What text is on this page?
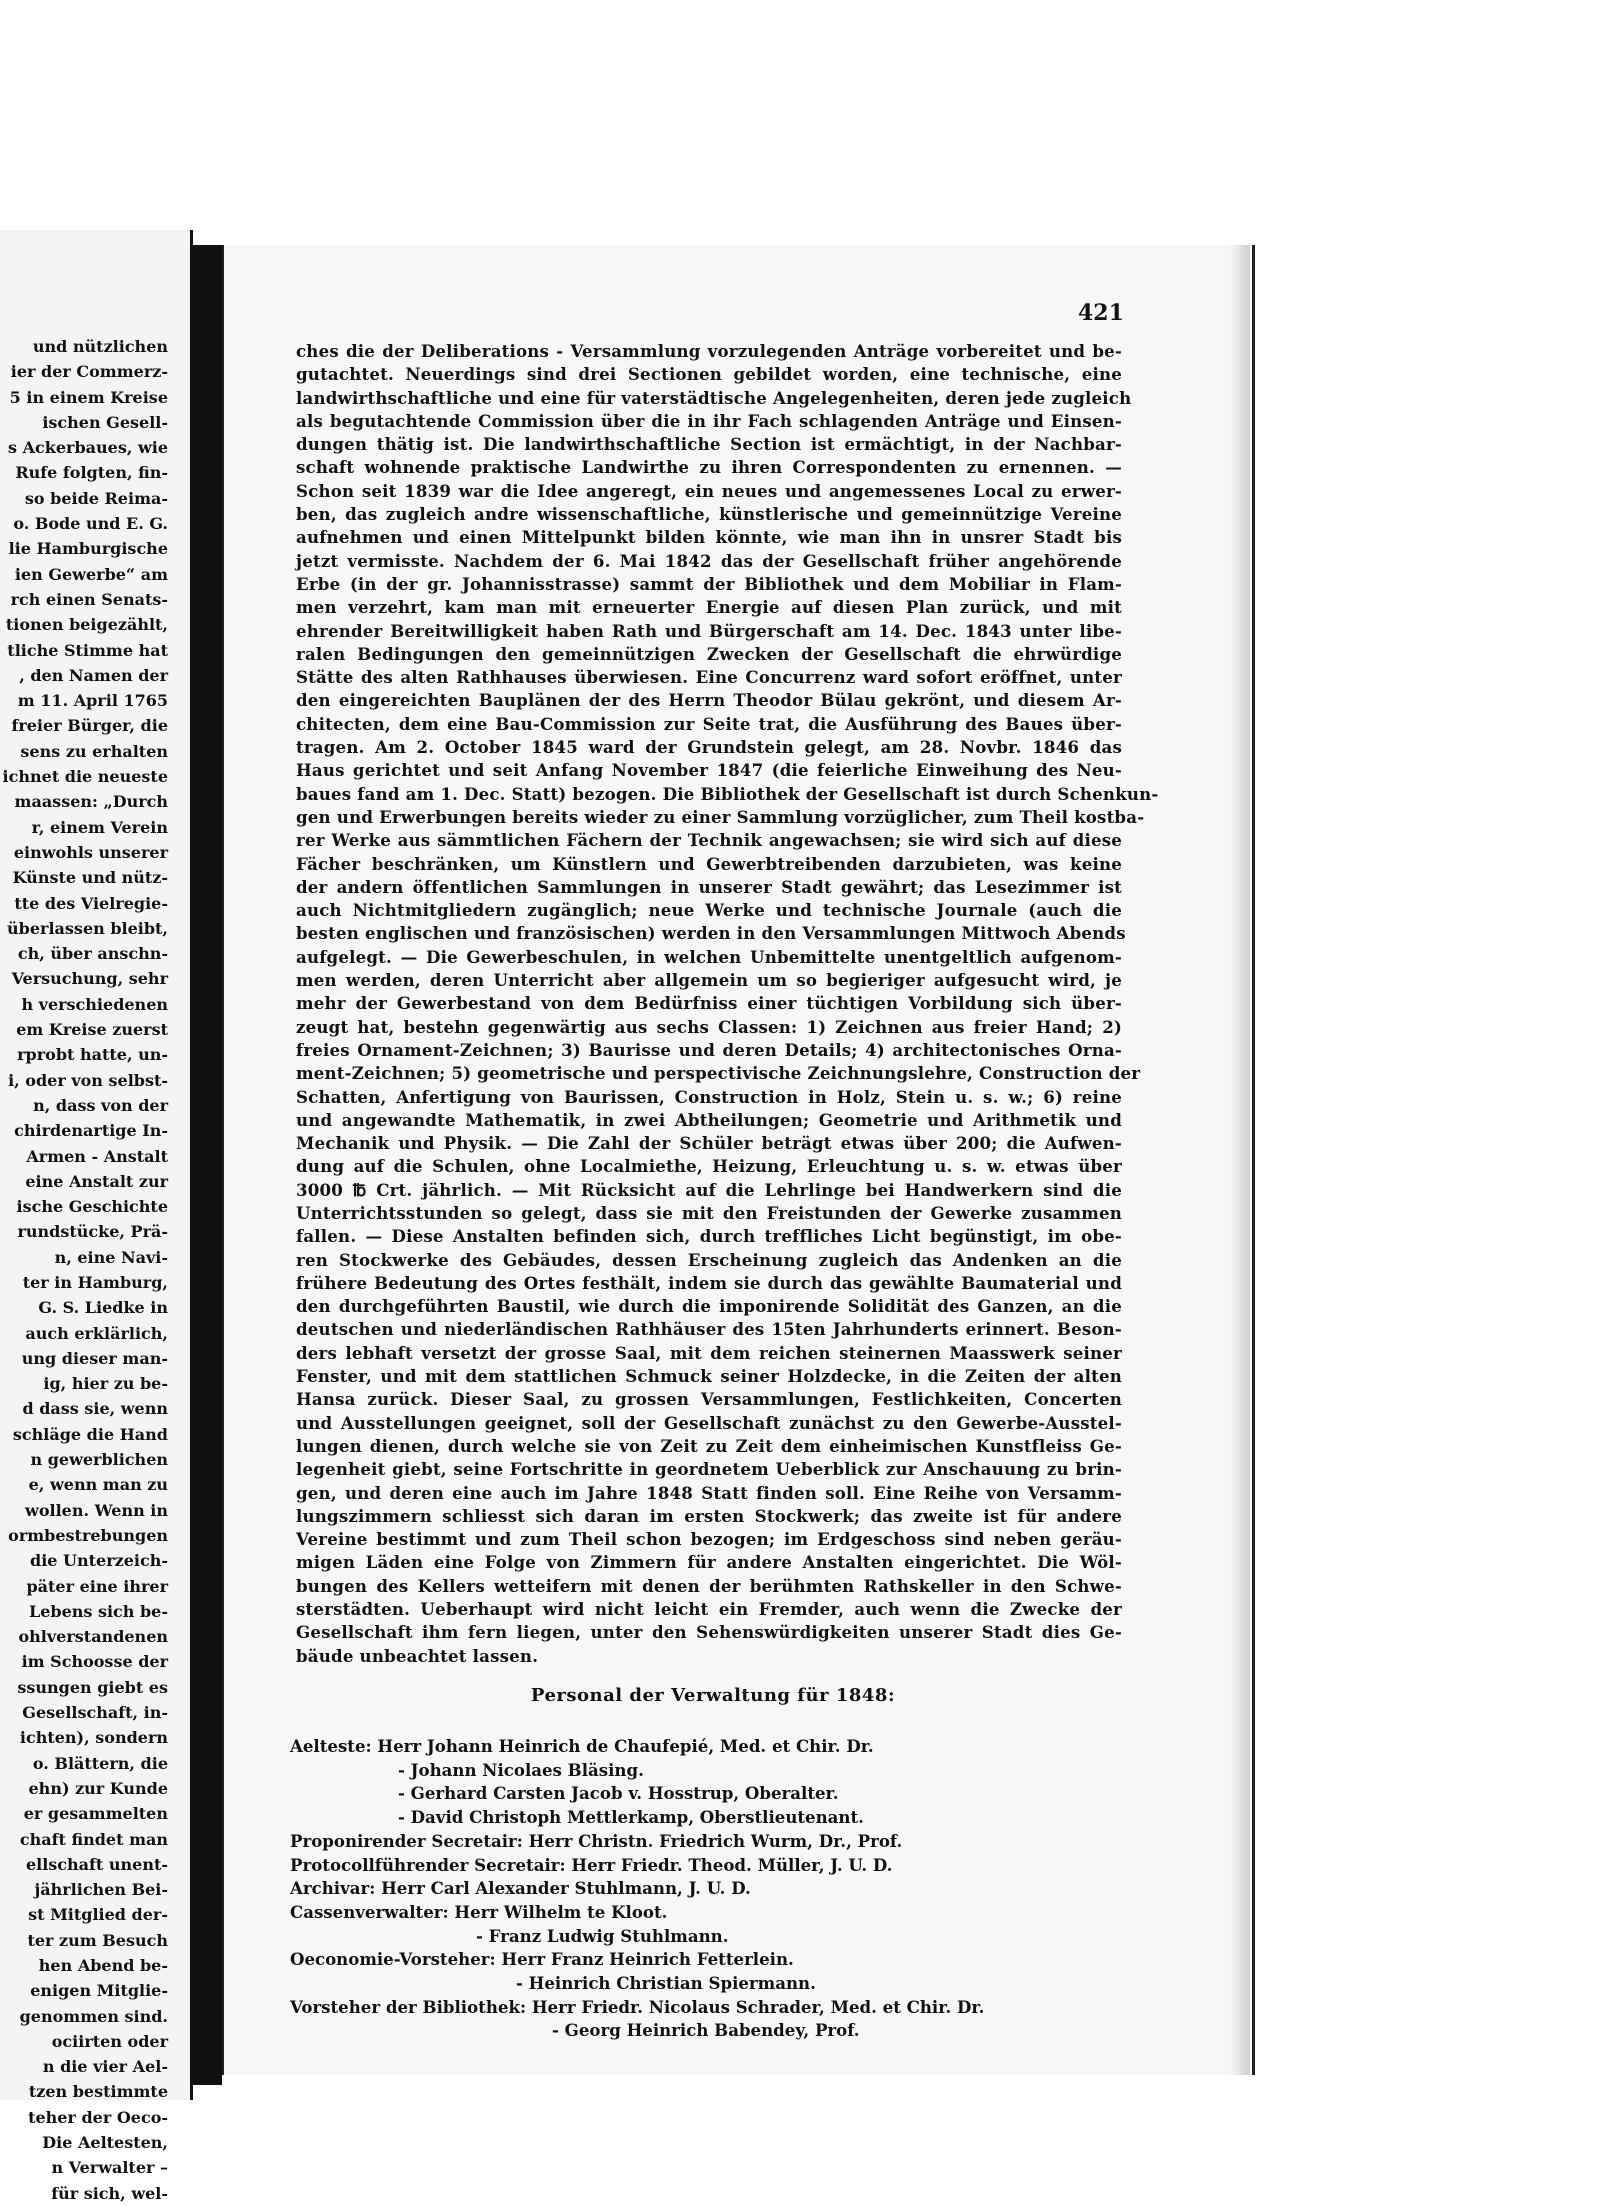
und nützlichen
ier der Commerz-
5 in einem Kreise
ischen Gesell-
s Ackerbaues, wie
Rufe folgten, fin-
so beide Reima-
o. Bode und E. G.
lie Hamburgische
ien Gewerbe“ am
rch einen Senats-
tionen beigezählt,
tliche Stimme hat
, den Namen der
m 11. April 1765
freier Bürger, die
sens zu erhalten
ichnet die neueste
maassen: „Durch
r, einem Verein
einwohls unserer
Künste und nütz-
tte des Vielregie-
überlassen bleibt,
ch, über anschn-
Versuchung, sehr
h verschiedenen
em Kreise zuerst
rprobt hatte, un-
i, oder von selbst-
n, dass von der
chirdenartige In-
Armen - Anstalt
eine Anstalt zur
ische Geschichte
rundstücke, Prä-
n, eine Navi-
ter in Hamburg,
G. S. Liedke in
auch erklärlich,
ung dieser man-
ig, hier zu be-
d dass sie, wenn
schläge die Hand
n gewerblichen
e, wenn man zu
wollen. Wenn in
ormbestrebungen
die Unterzeich-
päter eine ihrer
Lebens sich be-
ohlverstandenen
im Schoosse der
ssungen giebt es
Gesellschaft, in-
ichten), sondern
o. Blättern, die
ehn) zur Kunde
er gesammelten
chaft findet man
ellschaft unent-
jährlichen Bei-
st Mitglied der-
ter zum Besuch
hen Abend be-
enigen Mitglie-
genommen sind.
ociirten oder
n die vier Ael-
tzen bestimmte
teher der Oeco-
Die Aeltesten,
n Verwalter –
für sich, wel-
421
ches die der Deliberations - Versammlung vorzulegenden Anträge vorbereitet und be-
gutachtet. Neuerdings sind drei Sectionen gebildet worden, eine technische, eine
landwirthschaftliche und eine für vaterstädtische Angelegenheiten, deren jede zugleich
als begutachtende Commission über die in ihr Fach schlagenden Anträge und Einsen-
dungen thätig ist. Die landwirthschaftliche Section ist ermächtigt, in der Nachbar-
schaft wohnende praktische Landwirthe zu ihren Correspondenten zu ernennen. —
Schon seit 1839 war die Idee angeregt, ein neues und angemessenes Local zu erwer-
ben, das zugleich andre wissenschaftliche, künstlerische und gemeinnützige Vereine
aufnehmen und einen Mittelpunkt bilden könnte, wie man ihn in unsrer Stadt bis
jetzt vermisste. Nachdem der 6. Mai 1842 das der Gesellschaft früher angehörende
Erbe (in der gr. Johannisstrasse) sammt der Bibliothek und dem Mobiliar in Flam-
men verzehrt, kam man mit erneuerter Energie auf diesen Plan zurück, und mit
ehrender Bereitwilligkeit haben Rath und Bürgerschaft am 14. Dec. 1843 unter libe-
ralen Bedingungen den gemeinnützigen Zwecken der Gesellschaft die ehrwürdige
Stätte des alten Rathhauses überwiesen. Eine Concurrenz ward sofort eröffnet, unter
den eingereichten Bauplänen der des Herrn Theodor Bülau gekrönt, und diesem Ar-
chitecten, dem eine Bau-Commission zur Seite trat, die Ausführung des Baues über-
tragen. Am 2. October 1845 ward der Grundstein gelegt, am 28. Novbr. 1846 das
Haus gerichtet und seit Anfang November 1847 (die feierliche Einweihung des Neu-
baues fand am 1. Dec. Statt) bezogen. Die Bibliothek der Gesellschaft ist durch Schenkun-
gen und Erwerbungen bereits wieder zu einer Sammlung vorzüglicher, zum Theil kostba-
rer Werke aus sämmtlichen Fächern der Technik angewachsen; sie wird sich auf diese
Fächer beschränken, um Künstlern und Gewerbtreibenden darzubieten, was keine
der andern öffentlichen Sammlungen in unserer Stadt gewährt; das Lesezimmer ist
auch Nichtmitgliedern zugänglich; neue Werke und technische Journale (auch die
besten englischen und französischen) werden in den Versammlungen Mittwoch Abends
aufgelegt. — Die Gewerbeschulen, in welchen Unbemittelte unentgeltlich aufgenom-
men werden, deren Unterricht aber allgemein um so begieriger aufgesucht wird, je
mehr der Gewerbestand von dem Bedürfniss einer tüchtigen Vorbildung sich über-
zeugt hat, bestehn gegenwärtig aus sechs Classen: 1) Zeichnen aus freier Hand; 2)
freies Ornament-Zeichnen; 3) Baurisse und deren Details; 4) architectonisches Orna-
ment-Zeichnen; 5) geometrische und perspectivische Zeichnungslehre, Construction der
Schatten, Anfertigung von Baurissen, Construction in Holz, Stein u. s. w.; 6) reine
und angewandte Mathematik, in zwei Abtheilungen; Geometrie und Arithmetik und
Mechanik und Physik. — Die Zahl der Schüler beträgt etwas über 200; die Aufwen-
dung auf die Schulen, ohne Localmiethe, Heizung, Erleuchtung u. s. w. etwas über
3000 ℔ Crt. jährlich. — Mit Rücksicht auf die Lehrlinge bei Handwerkern sind die
Unterrichtsstunden so gelegt, dass sie mit den Freistunden der Gewerke zusammen
fallen. — Diese Anstalten befinden sich, durch treffliches Licht begünstigt, im obe-
ren Stockwerke des Gebäudes, dessen Erscheinung zugleich das Andenken an die
frühere Bedeutung des Ortes festhält, indem sie durch das gewählte Baumaterial und
den durchgeführten Baustil, wie durch die imponirende Solidität des Ganzen, an die
deutschen und niederländischen Rathhäuser des 15ten Jahrhunderts erinnert. Beson-
ders lebhaft versetzt der grosse Saal, mit dem reichen steinernen Maasswerk seiner
Fenster, und mit dem stattlichen Schmuck seiner Holzdecke, in die Zeiten der alten
Hansa zurück. Dieser Saal, zu grossen Versammlungen, Festlichkeiten, Concerten
und Ausstellungen geeignet, soll der Gesellschaft zunächst zu den Gewerbe-Ausstel-
lungen dienen, durch welche sie von Zeit zu Zeit dem einheimischen Kunstfleiss Ge-
legenheit giebt, seine Fortschritte in geordnetem Ueberblick zur Anschauung zu brin-
gen, und deren eine auch im Jahre 1848 Statt finden soll. Eine Reihe von Versamm-
lungszimmern schliesst sich daran im ersten Stockwerk; das zweite ist für andere
Vereine bestimmt und zum Theil schon bezogen; im Erdgeschoss sind neben geräu-
migen Läden eine Folge von Zimmern für andere Anstalten eingerichtet. Die Wöl-
bungen des Kellers wetteifern mit denen der berühmten Rathskeller in den Schwe-
sterstädten. Ueberhaupt wird nicht leicht ein Fremder, auch wenn die Zwecke der
Gesellschaft ihm fern liegen, unter den Sehenswürdigkeiten unserer Stadt dies Ge-
bäude unbeachtet lassen.
Personal der Verwaltung für 1848:
Aelteste: Herr Johann Heinrich de Chaufepié, Med. et Chir. Dr.
- Johann Nicolaes Bläsing.
- Gerhard Carsten Jacob v. Hosstrup, Oberalter.
- David Christoph Mettlerkamp, Oberstlieutenant.
Proponirender Secretair: Herr Christn. Friedrich Wurm, Dr., Prof.
Protocollführender Secretair: Herr Friedr. Theod. Müller, J. U. D.
Archivar: Herr Carl Alexander Stuhlmann, J. U. D.
Cassenverwalter: Herr Wilhelm te Kloot.
- Franz Ludwig Stuhlmann.
Oeconomie-Vorsteher: Herr Franz Heinrich Fetterlein.
- Heinrich Christian Spiermann.
Vorsteher der Bibliothek: Herr Friedr. Nicolaus Schrader, Med. et Chir. Dr.
- Georg Heinrich Babendey, Prof.
